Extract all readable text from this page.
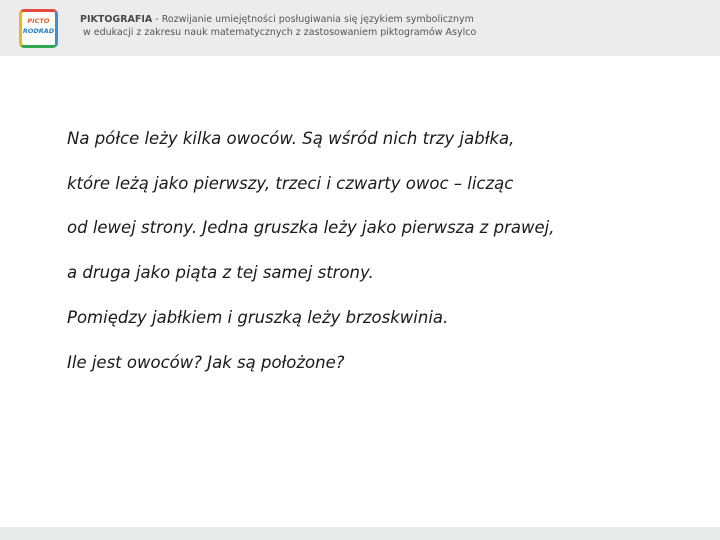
PICTO
RODRAD
PIKTOGRAFIA - Rozwijanie umiejętności posługiwania się językiem symbolicznym
w edukacji z zakresu nauk matematycznych z zastosowaniem piktogramów Asylco
Na półce leży kilka owoców. Są wśród nich trzy jabłka,
które leżą jako pierwszy, trzeci i czwarty owoc – licząc
od lewej strony. Jedna gruszka leży jako pierwsza z prawej,
a druga jako piąta z tej samej strony.
Pomiędzy jabłkiem i gruszką leży brzoskwinia.
Ile jest owoców? Jak są położone?
